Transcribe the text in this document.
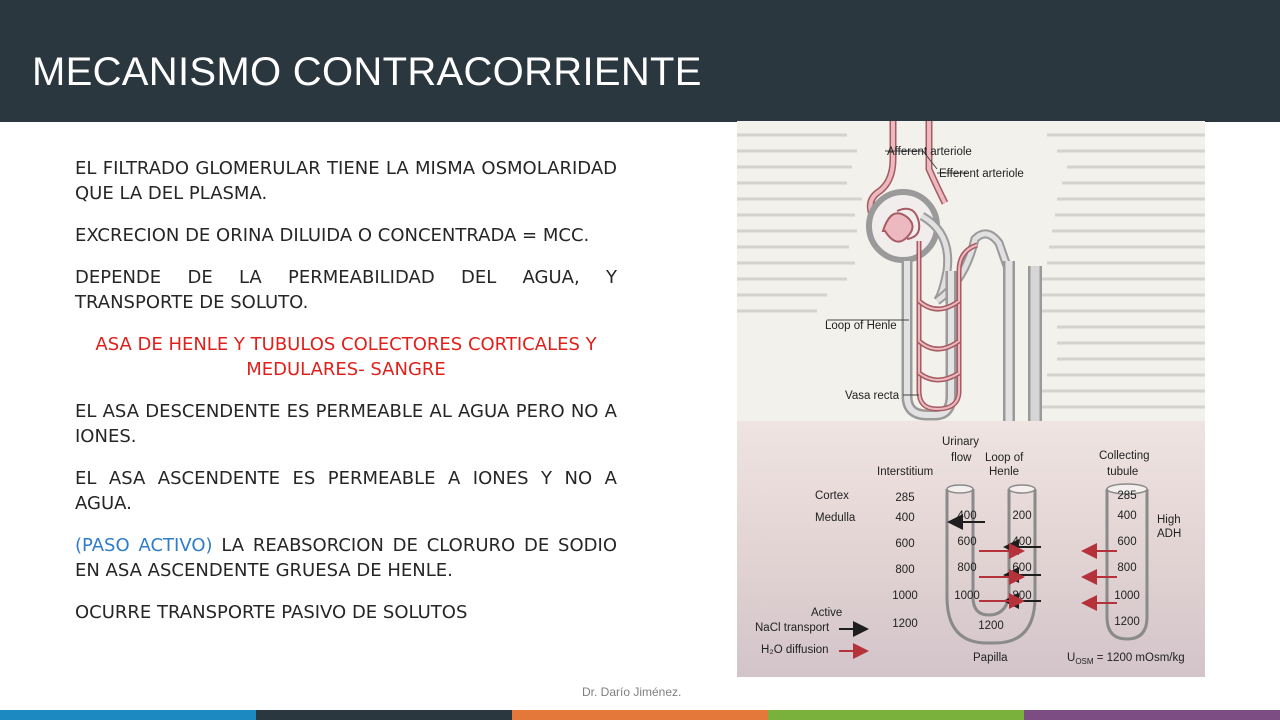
MECANISMO CONTRACORRIENTE

EL FILTRADO GLOMERULAR TIENE LA MISMA OSMOLARIDAD QUE LA DEL PLASMA.

EXCRECION DE ORINA DILUIDA O CONCENTRADA = MCC.

DEPENDE DE LA PERMEABILIDAD DEL AGUA, Y TRANSPORTE DE SOLUTO.

ASA DE HENLE Y TUBULOS COLECTORES CORTICALES Y MEDULARES- SANGRE

EL ASA DESCENDENTE ES PERMEABLE AL AGUA PERO NO A IONES.

EL ASA ASCENDENTE ES PERMEABLE A IONES Y NO A AGUA.

(PASO ACTIVO) LA REABSORCION DE CLORURO DE SODIO EN ASA ASCENDENTE GRUESA DE HENLE.

OCURRE TRANSPORTE PASIVO DE SOLUTOS

Afferent arteriole
Efferent arteriole
Loop of Henle
Vasa recta
Urinary
flow Loop of
Henle
Interstitium
Collecting
tubule
Cortex
Medulla	High
ADH
285
400
600
800
1000
1200
400
600
800
1000
200
400
600
800
1200
285
400
600
800
1000
1200
Active
NaCl transport
H₂O diffusion
Papilla	$U_{OSM} = 1200$ mOsm/kg
Dr. Darío Jiménez.
